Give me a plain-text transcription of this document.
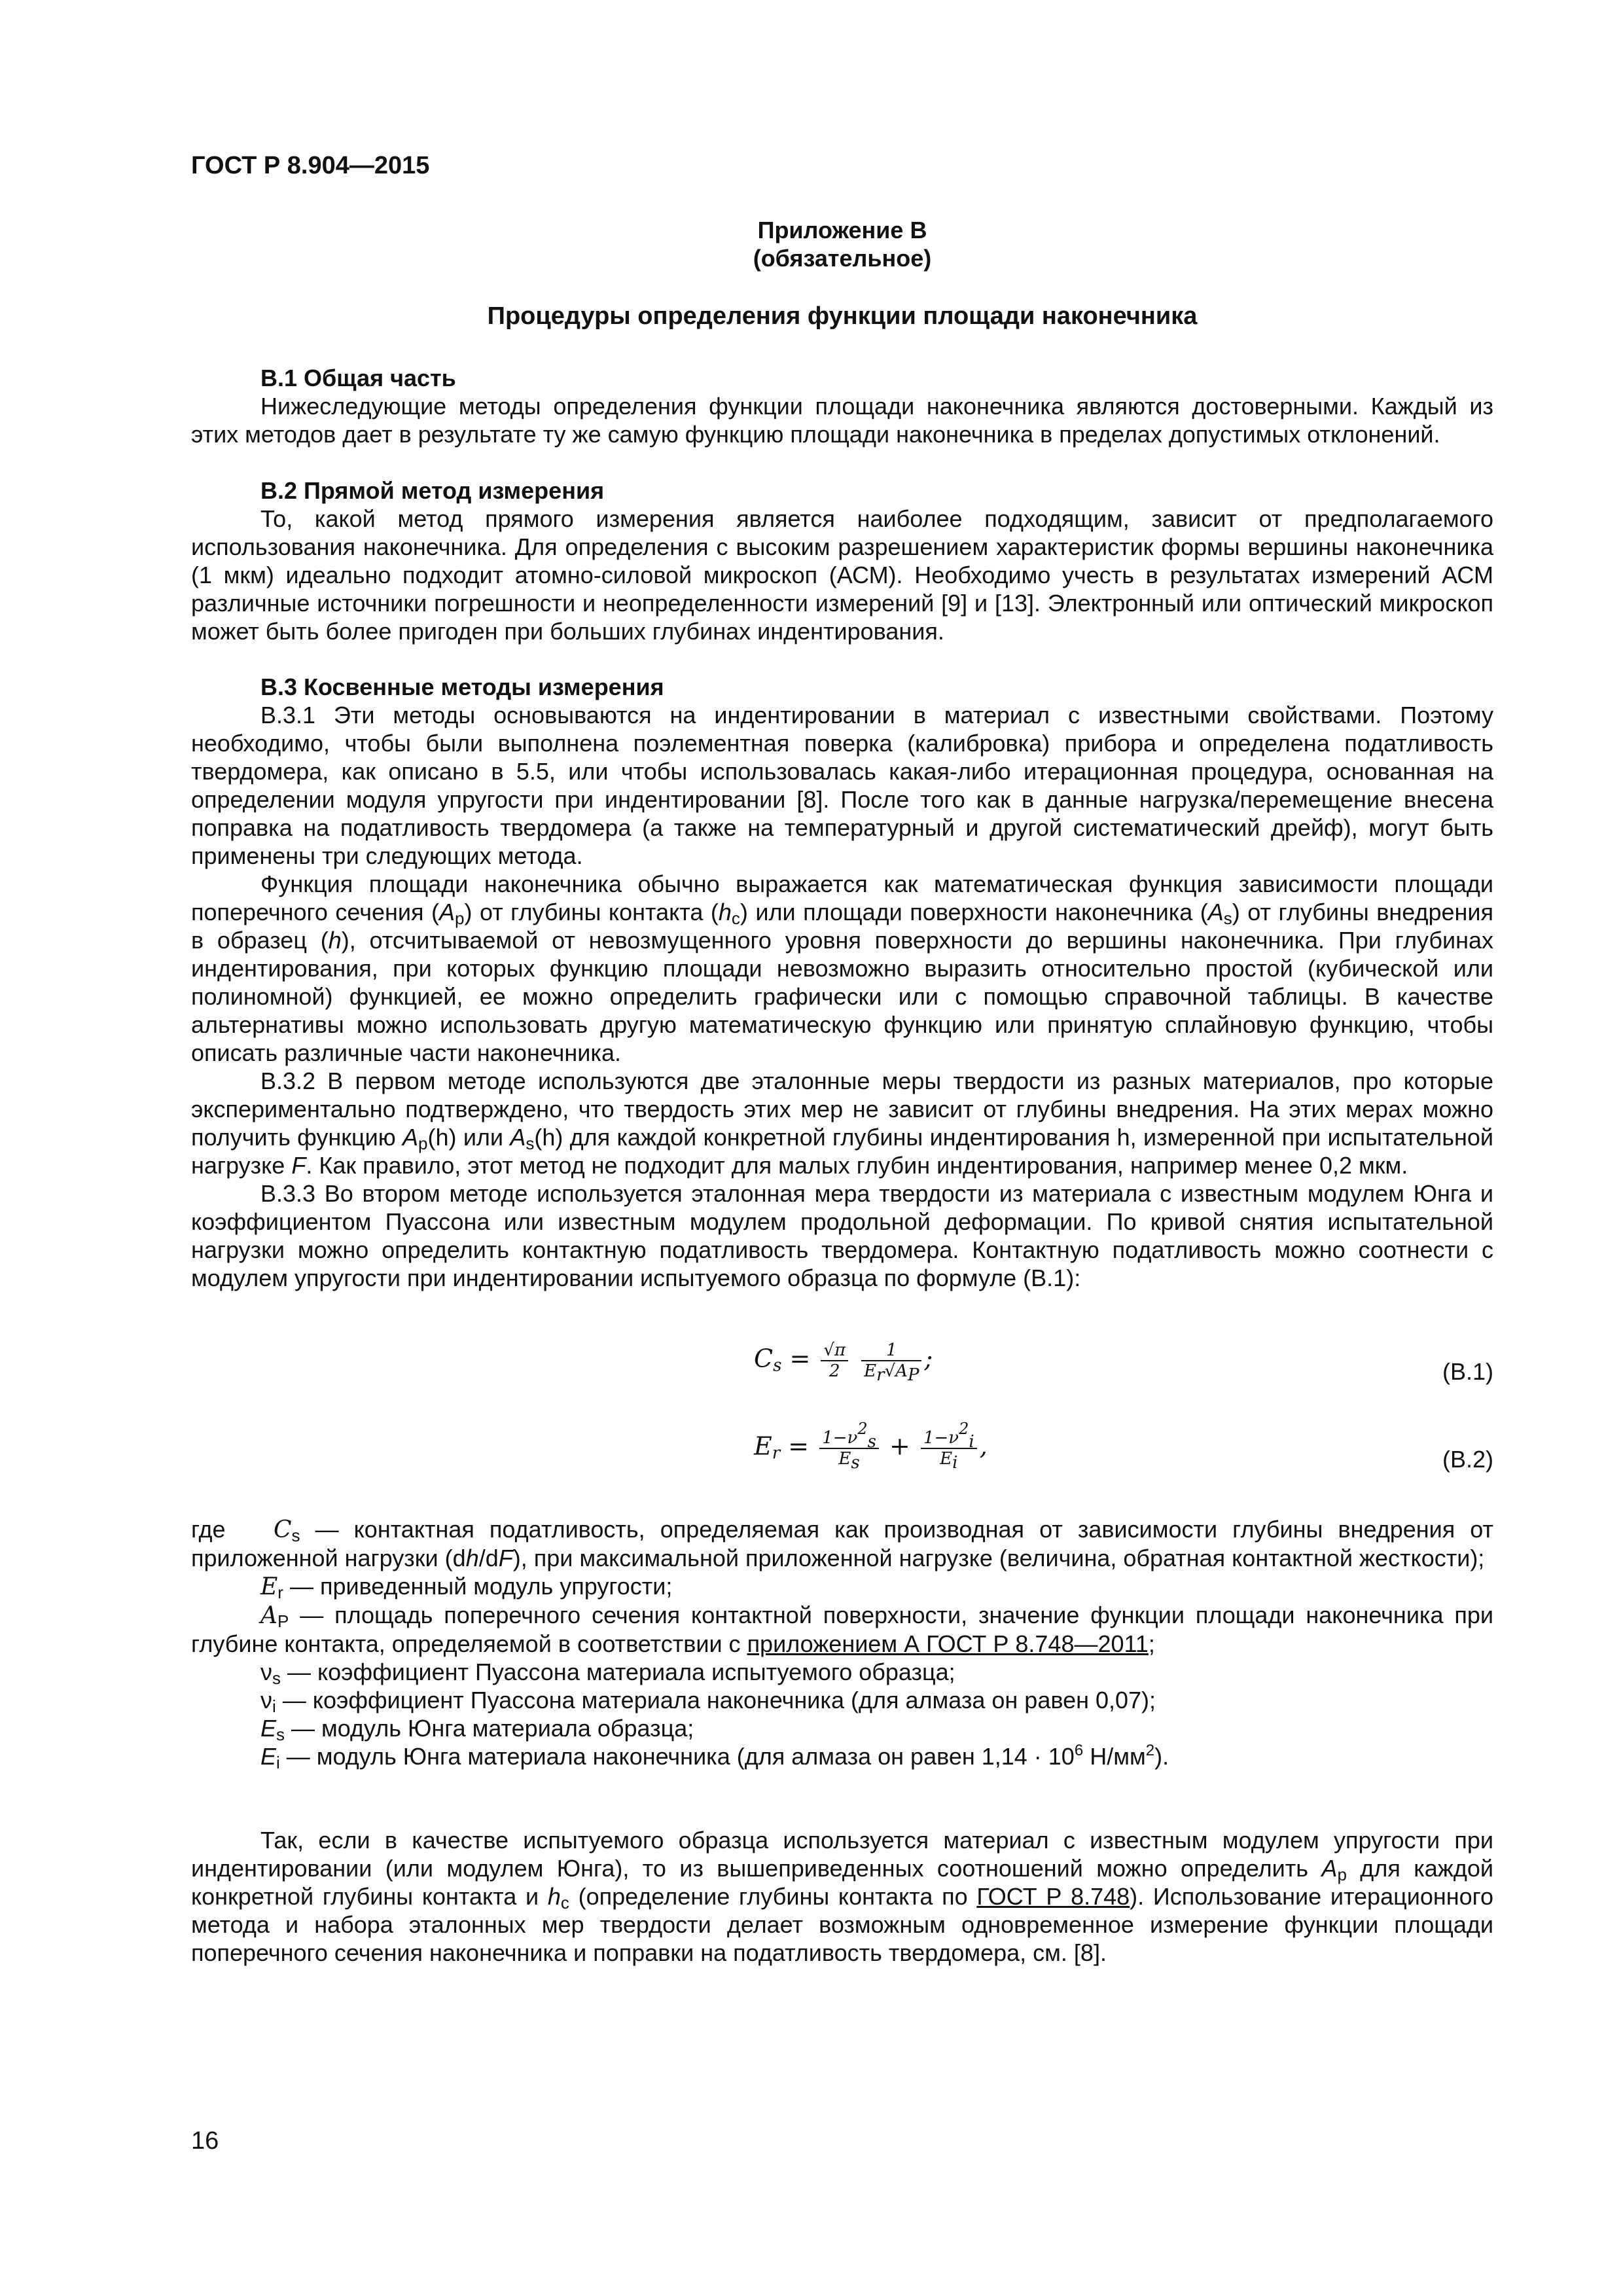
ГОСТ Р 8.904—2015
Приложение В
(обязательное)
Процедуры определения функции площади наконечника
В.1 Общая часть

Нижеследующие методы определения функции площади наконечника являются достоверными. Каждый из этих методов дает в результате ту же самую функцию площади наконечника в пределах допустимых отклонений.

В.2 Прямой метод измерения

То, какой метод прямого измерения является наиболее подходящим, зависит от предполагаемого использования наконечника. Для определения с высоким разрешением характеристик формы вершины наконечника (1 мкм) идеально подходит атомно-силовой микроскоп (АСМ). Необходимо учесть в результатах измерений АСМ различные источники погрешности и неопределенности измерений [9] и [13]. Электронный или оптический микроскоп может быть более пригоден при больших глубинах индентирования.

В.3 Косвенные методы измерения

В.3.1 Эти методы основываются на индентировании в материал с известными свойствами. Поэтому необходимо, чтобы были выполнена поэлементная поверка (калибровка) прибора и определена податливость твердомера, как описано в 5.5, или чтобы использовалась какая-либо итерационная процедура, основанная на определении модуля упругости при индентировании [8]. После того как в данные нагрузка/перемещение внесена поправка на податливость твердомера (а также на температурный и другой систематический дрейф), могут быть применены три следующих метода.

Функция площади наконечника обычно выражается как математическая функция зависимости площади поперечного сечения $(A_p)$ от глубины контакта $(h_c)$ или площади поверхности наконечника $(A_s)$ от глубины внедрения в образец (h), отсчитываемой от невозмущенного уровня поверхности до вершины наконечника. При глубинах индентирования, при которых функцию площади невозможно выразить относительно простой (кубической или полиномной) функцией, ее можно определить графически или с помощью справочной таблицы. В качестве альтернативы можно использовать другую математическую функцию или принятую сплайновую функцию, чтобы описать различные части наконечника.

В.3.2 В первом методе используются две эталонные меры твердости из разных материалов, про которые экспериментально подтверждено, что твердость этих мер не зависит от глубины внедрения. На этих мерах можно получить функцию $A_p(h)$ или $A_s(h)$ для каждой конкретной глубины индентирования h, измеренной при испытательной нагрузке F. Как правило, этот метод не подходит для малых глубин индентирования, например менее 0,2 мкм.

В.3.3 Во втором методе используется эталонная мера твердости из материала с известным модулем Юнга и коэффициентом Пуассона или известным модулем продольной деформации. По кривой снятия испытательной нагрузки можно определить контактную податливость твердомера. Контактную податливость можно соотнести с модулем упругости при индентировании испытуемого образца по формуле (В.1):

$C_s = \frac{√\pi}{2}$
$\frac{1}{E_r√A_P}$ ;	(В.1)
$E_r = \frac{1-\nu^2_s}{E_s} + \frac{1-\nu^2_i}{E_i}$ ,	(В.2)

где $C_s$ — контактная податливость, определяемая как производная от зависимости глубины внедрения от приложенной нагрузки (dh/dF), при максимальной приложенной нагрузке (величина, обратная контактной жесткости);

$E_r$ — приведенный модуль упругости;

$A_P$ — площадь поперечного сечения контактной поверхности, значение функции площади наконечника при глубине контакта, определяемой в соответствии с приложением А ГОСТ Р 8.748—2011;

$\nu_s$ — коэффициент Пуассона материала испытуемого образца;

$\nu_i$ — коэффициент Пуассона материала наконечника (для алмаза он равен 0,07);

$E_s$ — модуль Юнга материала образца;

$E_i$ — модуль Юнга материала наконечника (для алмаза он равен $1,14 \cdot 10^6$ $Н/мм^2$).

Так, если в качестве испытуемого образца используется материал с известным модулем упругости при индентировании (или модулем Юнга), то из вышеприведенных соотношений можно определить $A_p$ для каждой конкретной глубины контакта и $h_c$ (определение глубины контакта по ГОСТ Р 8.748). Использование итерационного метода и набора эталонных мер твердости делает возможным одновременное измерение функции площади поперечного сечения наконечника и поправки на податливость твердомера, см. [8].

16
